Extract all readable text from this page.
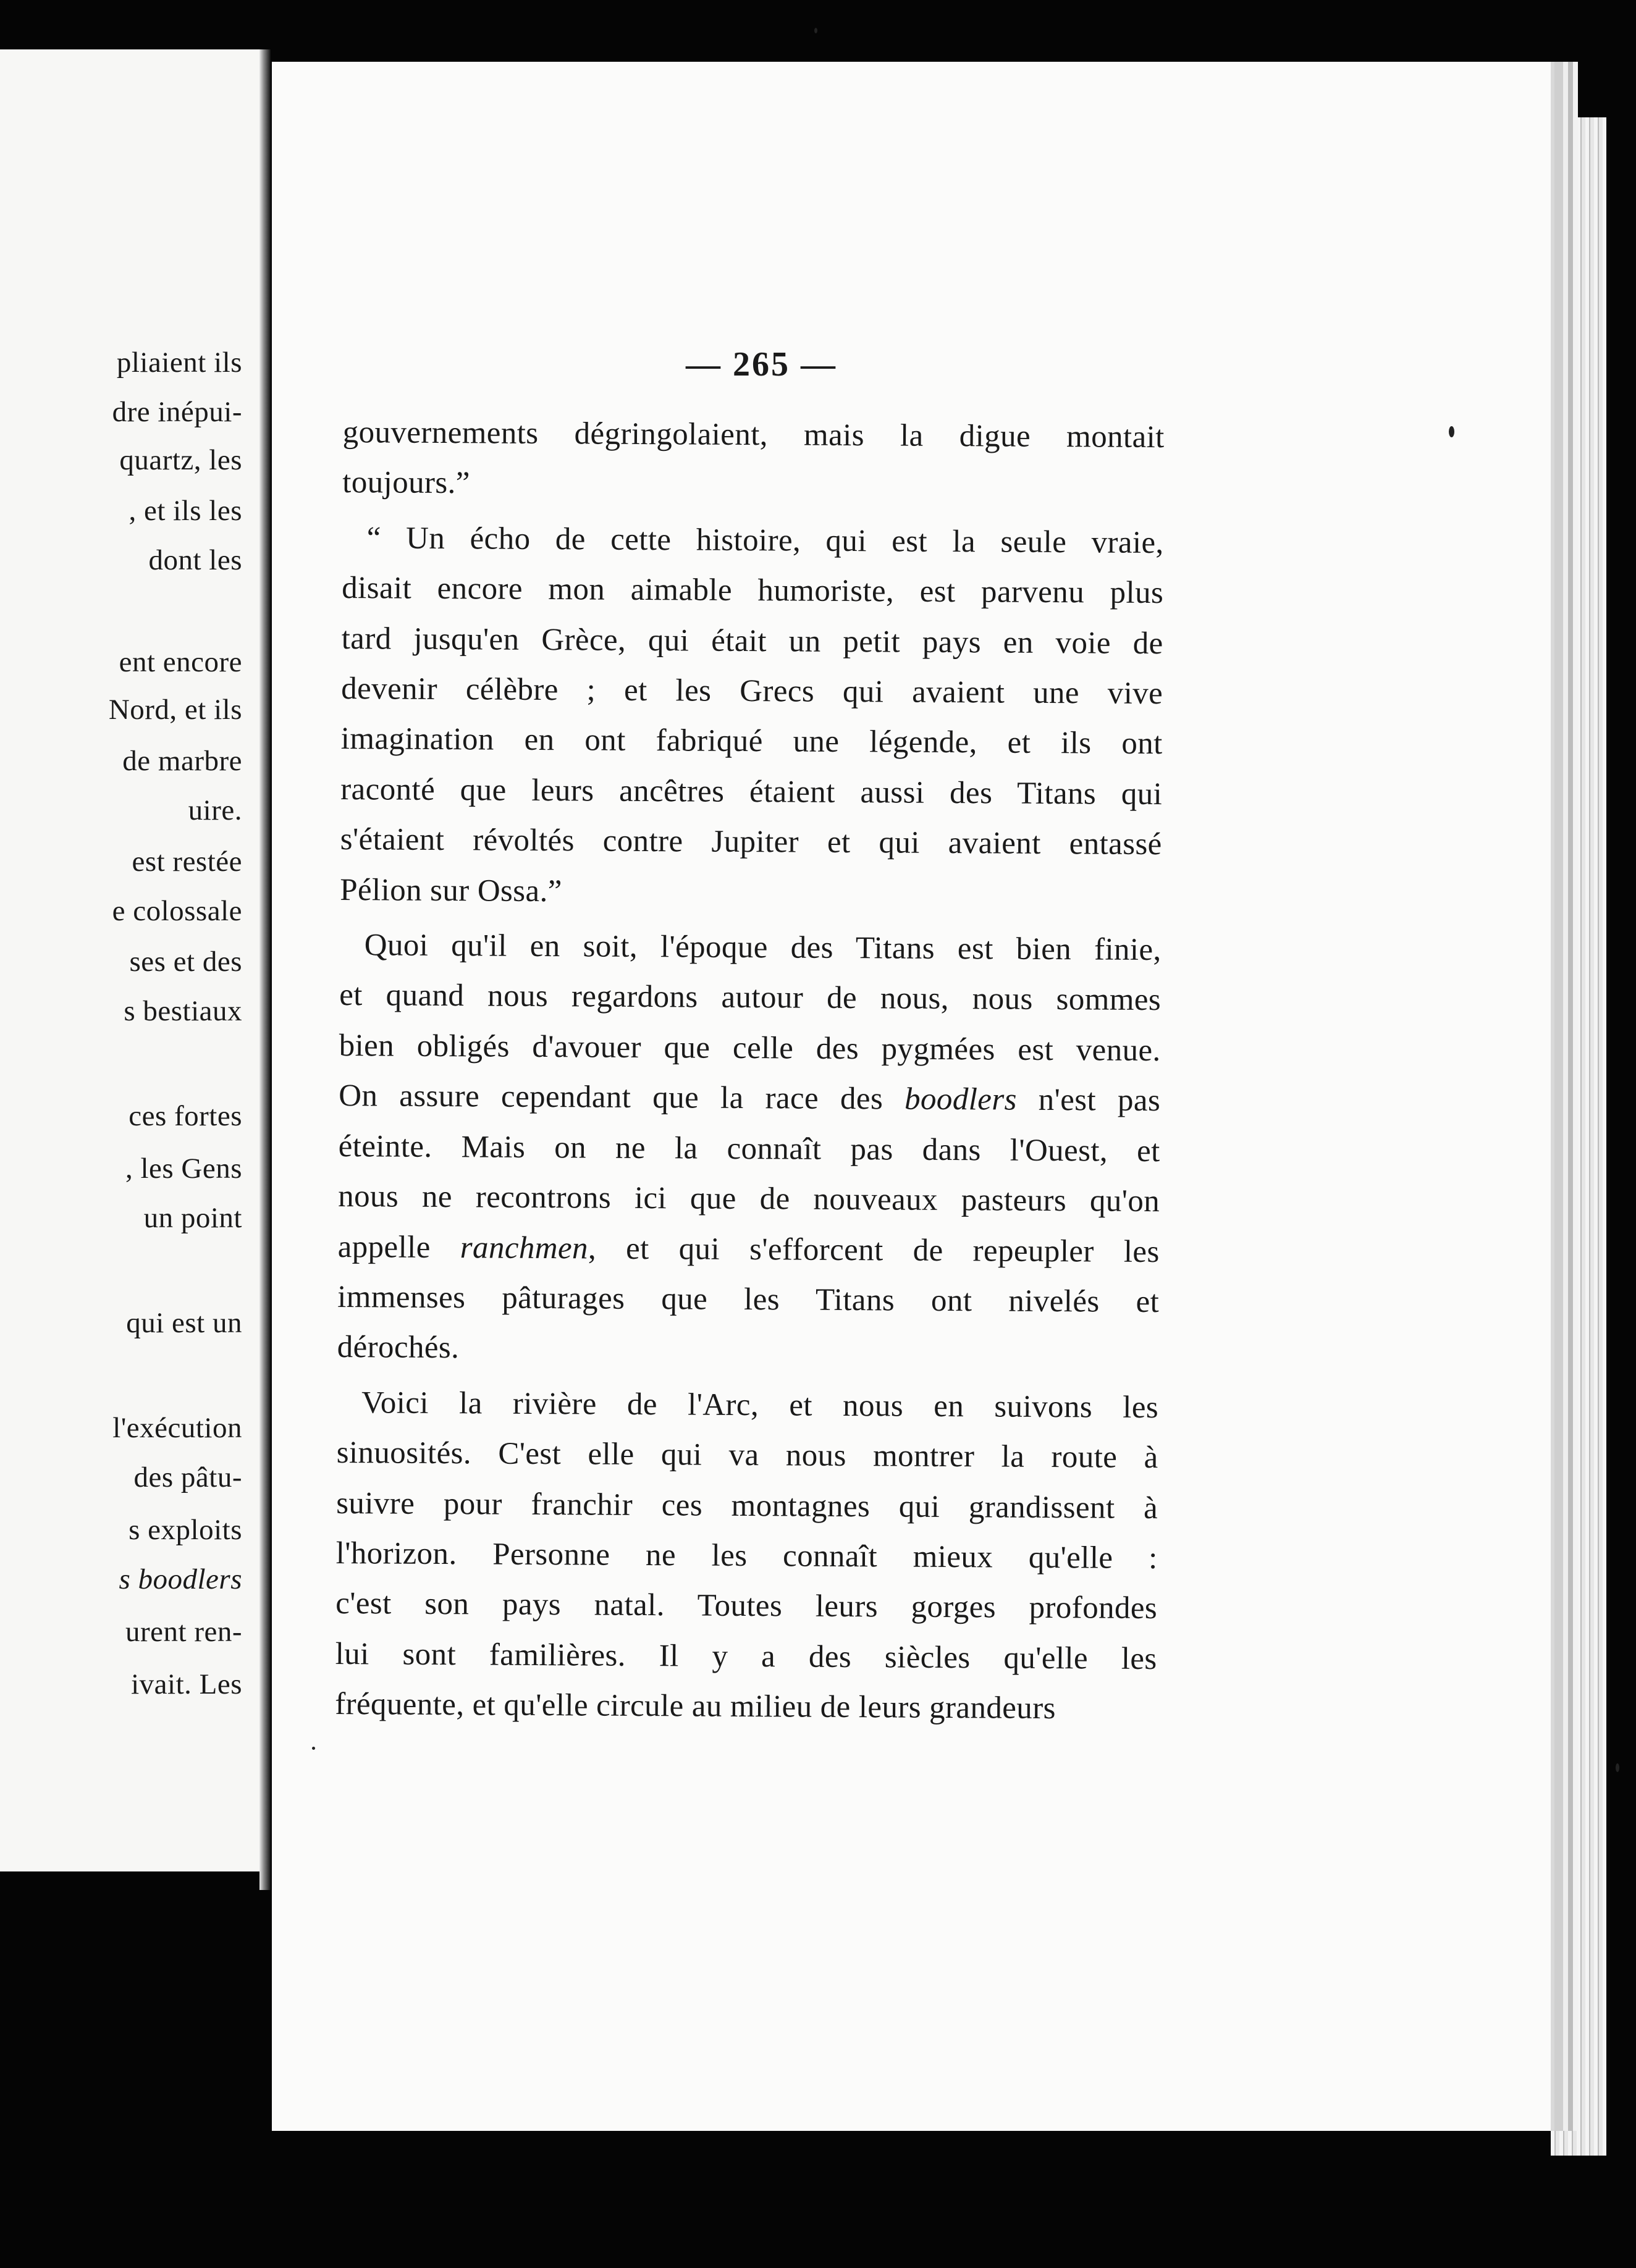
pliaient ils

dre inépui-

quartz, les

, et ils les

dont les

ent encore

Nord, et ils

de marbre

uire.

est restée

e colossale

ses et des

s bestiaux

ces fortes

, les Gens

un point

qui est un

l'exécution

des pâtu-

s exploits

s boodlers

urent ren-

ivait. Les

— 265 —

gouvernements dégringolaient, mais la digue montait
toujours.”
“ Un écho de cette histoire, qui est la seule vraie,
disait encore mon aimable humoriste, est parvenu plus
tard jusqu'en Grèce, qui était un petit pays en voie de
devenir célèbre ; et les Grecs qui avaient une vive
imagination en ont fabriqué une légende, et ils ont
raconté que leurs ancêtres étaient aussi des Titans qui
s'étaient révoltés contre Jupiter et qui avaient entassé
Pélion sur Ossa.”
Quoi qu'il en soit, l'époque des Titans est bien finie,
et quand nous regardons autour de nous, nous sommes
bien obligés d'avouer que celle des pygmées est venue.
On assure cependant que la race des boodlers n'est pas
éteinte. Mais on ne la connaît pas dans l'Ouest, et
nous ne recontrons ici que de nouveaux pasteurs qu'on
appelle ranchmen, et qui s'efforcent de repeupler les
immenses pâturages que les Titans ont nivelés et
dérochés.
Voici la rivière de l'Arc, et nous en suivons les
sinuosités. C'est elle qui va nous montrer la route à
suivre pour franchir ces montagnes qui grandissent à
l'horizon. Personne ne les connaît mieux qu'elle :
c'est son pays natal. Toutes leurs gorges profondes
lui sont familières. Il y a des siècles qu'elle les
fréquente, et qu'elle circule au milieu de leurs grandeurs
